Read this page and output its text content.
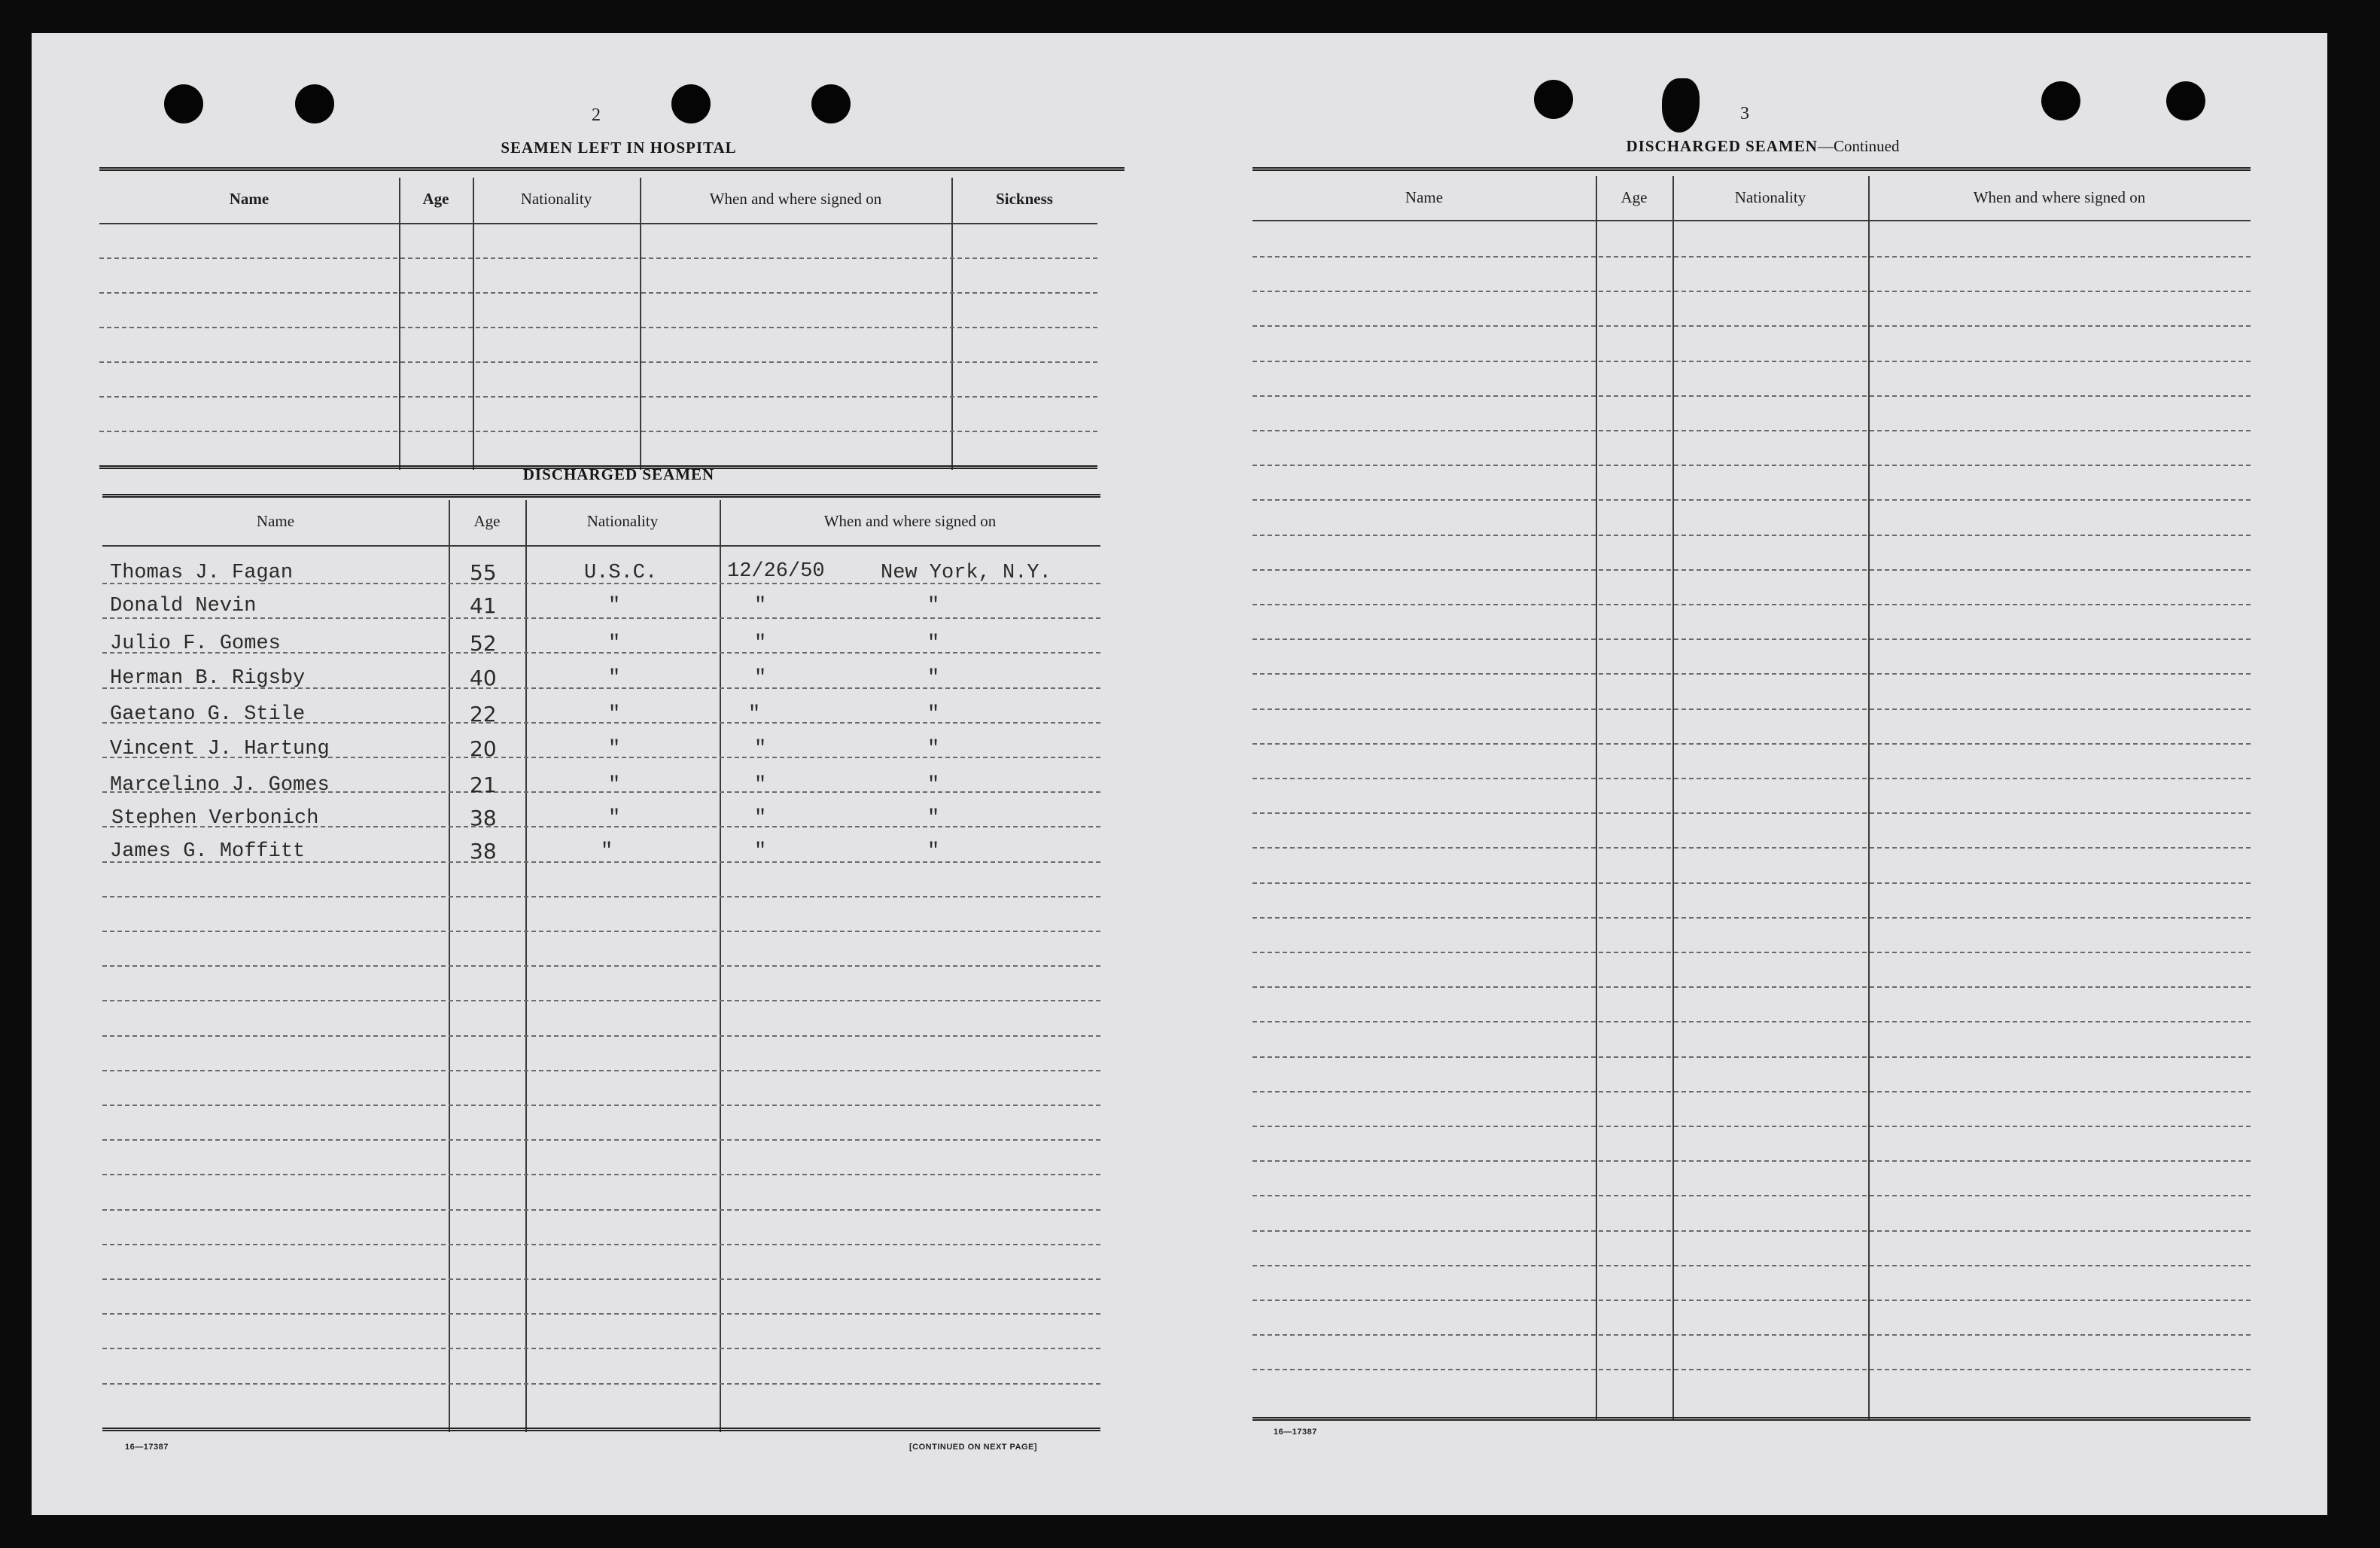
2
SEAMEN LEFT IN HOSPITAL
Name	Age	Nationality	When and where signed on	Sickness
DISCHARGED SEAMEN
Name	Age	Nationality	When and where signed on
Thomas J. Fagan	55	U.S.C.	12/26/50	New York, N.Y.
Donald Nevin	41	"	"	"
Julio F. Gomes	52	"	"	"
Herman B. Rigsby	40	"	"	"
Gaetano G. Stile	22	"	"	"
Vincent J. Hartung	20	"	"	"
Marcelino J. Gomes	21	"	"	"
Stephen Verbonich	38	"	"	"
James G. Moffitt	38	"	"	"
16—17387	[CONTINUED ON NEXT PAGE]
3
DISCHARGED SEAMEN—Continued
Name	Age	Nationality	When and where signed on
16—17387
